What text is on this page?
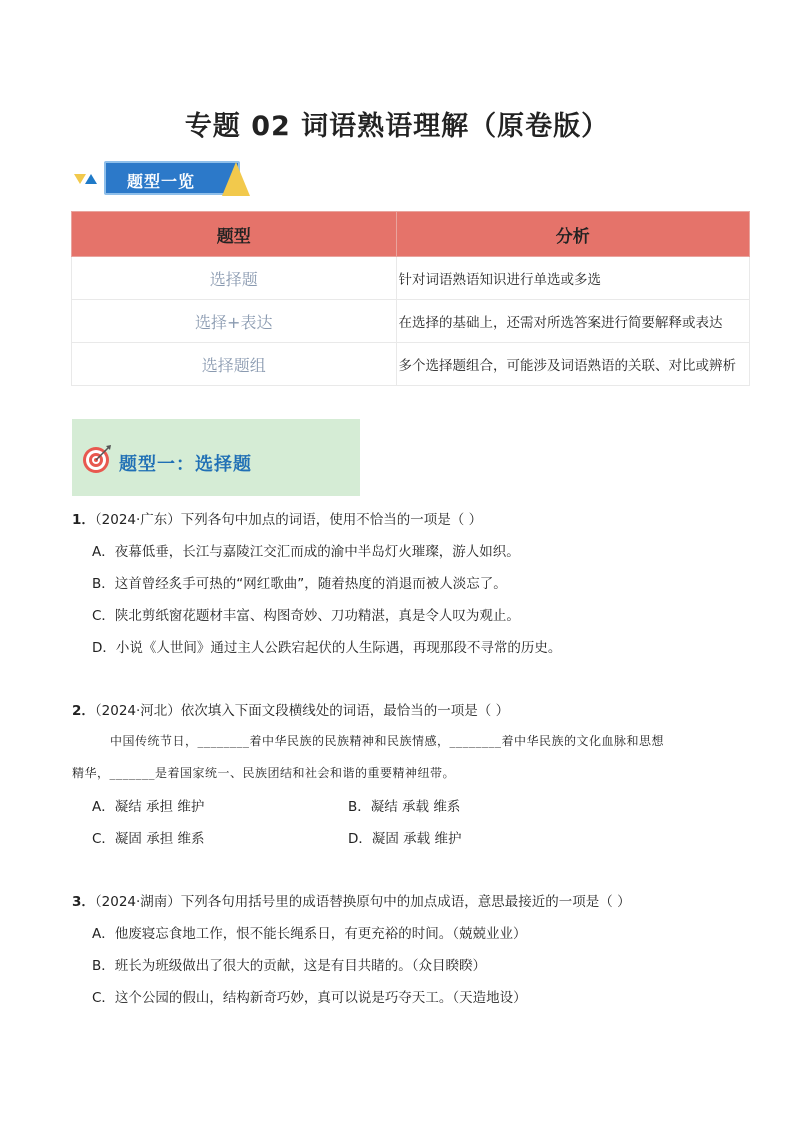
专题 02 词语熟语理解（原卷版）
题型一览
题型	分析
选择题	针对词语熟语知识进行单选或多选
选择+表达	在选择的基础上，还需对所选答案进行简要解释或表达
选择题组	多个选择题组合，可能涉及词语熟语的关联、对比或辨析
题型一：选择题
1．（2024·广东）下列各句中加点的词语，使用不恰当的一项是（ ）
A．夜幕低垂，长江与嘉陵江交汇而成的渝中半岛灯火璀璨，游人如织。
B．这首曾经炙手可热的“网红歌曲”，随着热度的消退而被人淡忘了。
C．陕北剪纸窗花题材丰富、构图奇妙、刀功精湛，真是令人叹为观止。
D．小说《人世间》通过主人公跌宕起伏的人生际遇，再现那段不寻常的历史。
2．（2024·河北）依次填入下面文段横线处的词语，最恰当的一项是（ ）
中国传统节日，________着中华民族的民族精神和民族情感，________着中华民族的文化血脉和思想
精华，_______是着国家统一、民族团结和社会和谐的重要精神纽带。
A．凝结 承担 维护	B．凝结 承载 维系
C．凝固 承担 维系	D．凝固 承载 维护
3．（2024·湖南）下列各句用括号里的成语替换原句中的加点成语，意思最接近的一项是（ ）
A．他废寝忘食地工作，恨不能长绳系日，有更充裕的时间。（兢兢业业）
B．班长为班级做出了很大的贡献，这是有目共睹的。（众目睽睽）
C．这个公园的假山，结构新奇巧妙，真可以说是巧夺天工。（天造地设）
